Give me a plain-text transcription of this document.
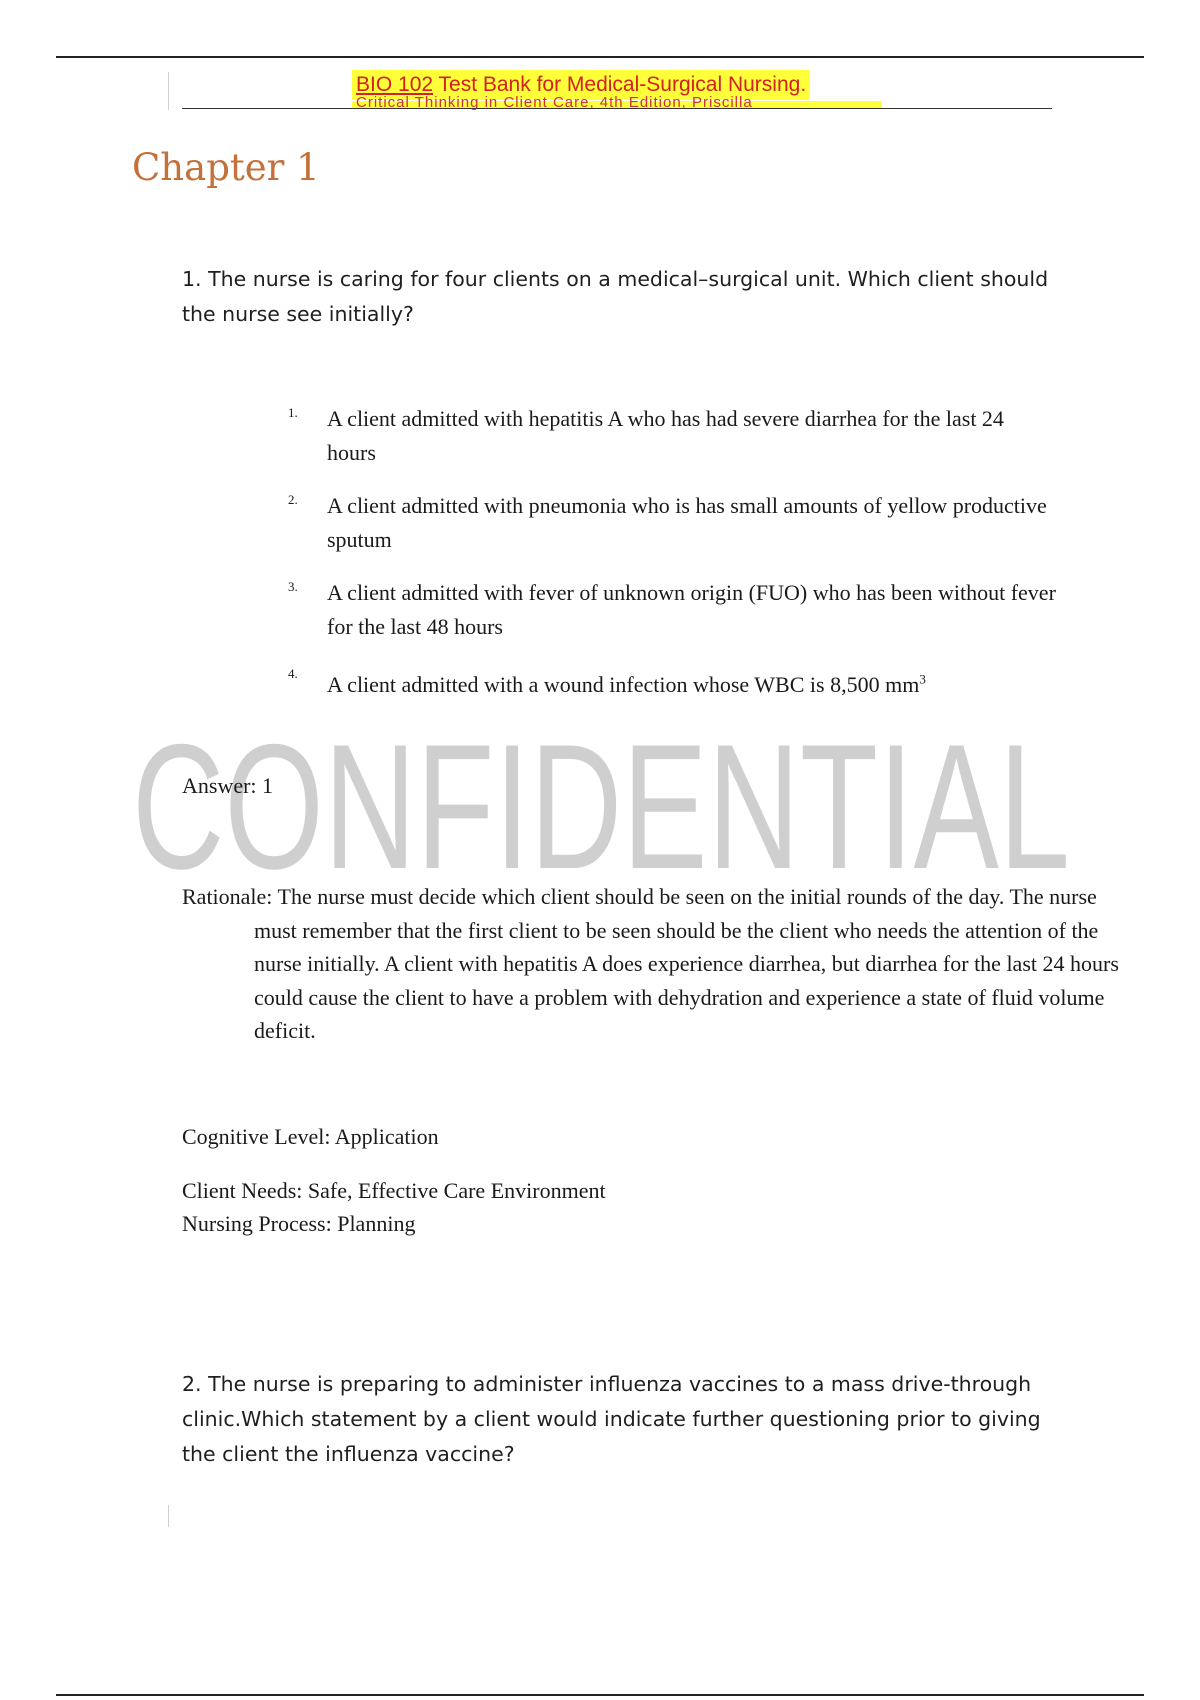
BIO 102 Test Bank for Medical-Surgical Nursing.
Critical Thinking in Client Care, 4th Edition, Priscilla
Chapter 1

1. The nurse is caring for four clients on a medical–surgical unit. Which client should the nurse see initially?

1. A client admitted with hepatitis A who has had severe diarrhea for the last 24 hours
2. A client admitted with pneumonia who is has small amounts of yellow productive sputum
3. A client admitted with fever of unknown origin (FUO) who has been without fever for the last 48 hours
4. A client admitted with a wound infection whose WBC is 8,500 $mm^3$
CONFIDENTIAL

Answer: 1

Rationale: The nurse must decide which client should be seen on the initial rounds of the day. The nurse must remember that the first client to be seen should be the client who needs the attention of the nurse initially. A client with hepatitis A does experience diarrhea, but diarrhea for the last 24 hours could cause the client to have a problem with dehydration and experience a state of fluid volume deficit.

Cognitive Level: Application

Client Needs: Safe, Effective Care Environment

Nursing Process: Planning

2. The nurse is preparing to administer influenza vaccines to a mass drive-through clinic.Which statement by a client would indicate further questioning prior to giving the client the influenza vaccine?
